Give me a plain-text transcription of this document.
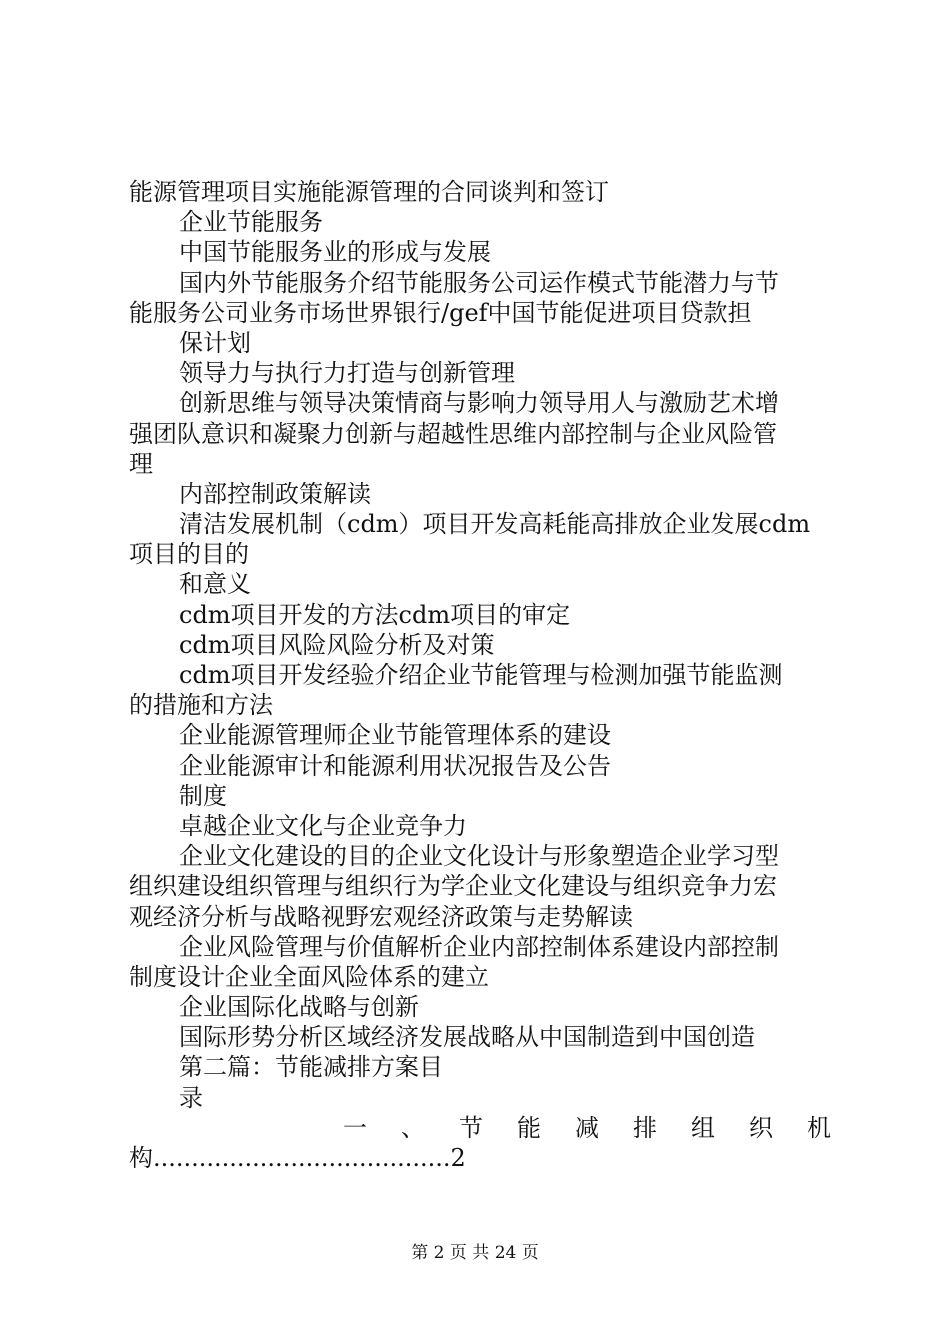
能源管理项目实施能源管理的合同谈判和签订
企业节能服务
中国节能服务业的形成与发展
国内外节能服务介绍节能服务公司运作模式节能潜力与节
能服务公司业务市场世界银行/gef中国节能促进项目贷款担
保计划
领导力与执行力打造与创新管理
创新思维与领导决策情商与影响力领导用人与激励艺术增
强团队意识和凝聚力创新与超越性思维内部控制与企业风险管
理
内部控制政策解读
清洁发展机制（cdm）项目开发高耗能高排放企业发展cdm
项目的目的
和意义
cdm项目开发的方法cdm项目的审定
cdm项目风险风险分析及对策
cdm项目开发经验介绍企业节能管理与检测加强节能监测
的措施和方法
企业能源管理师企业节能管理体系的建设
企业能源审计和能源利用状况报告及公告
制度
卓越企业文化与企业竞争力
企业文化建设的目的企业文化设计与形象塑造企业学习型
组织建设组织管理与组织行为学企业文化建设与组织竞争力宏
观经济分析与战略视野宏观经济政策与走势解读
企业风险管理与价值解析企业内部控制体系建设内部控制
制度设计企业全面风险体系的建立
企业国际化战略与创新
国际形势分析区域经济发展战略从中国制造到中国创造
第二篇：节能减排方案目
录
一 、 节 能 减 排 组 织 机
构.......................................2
第 2 页 共 24 页
